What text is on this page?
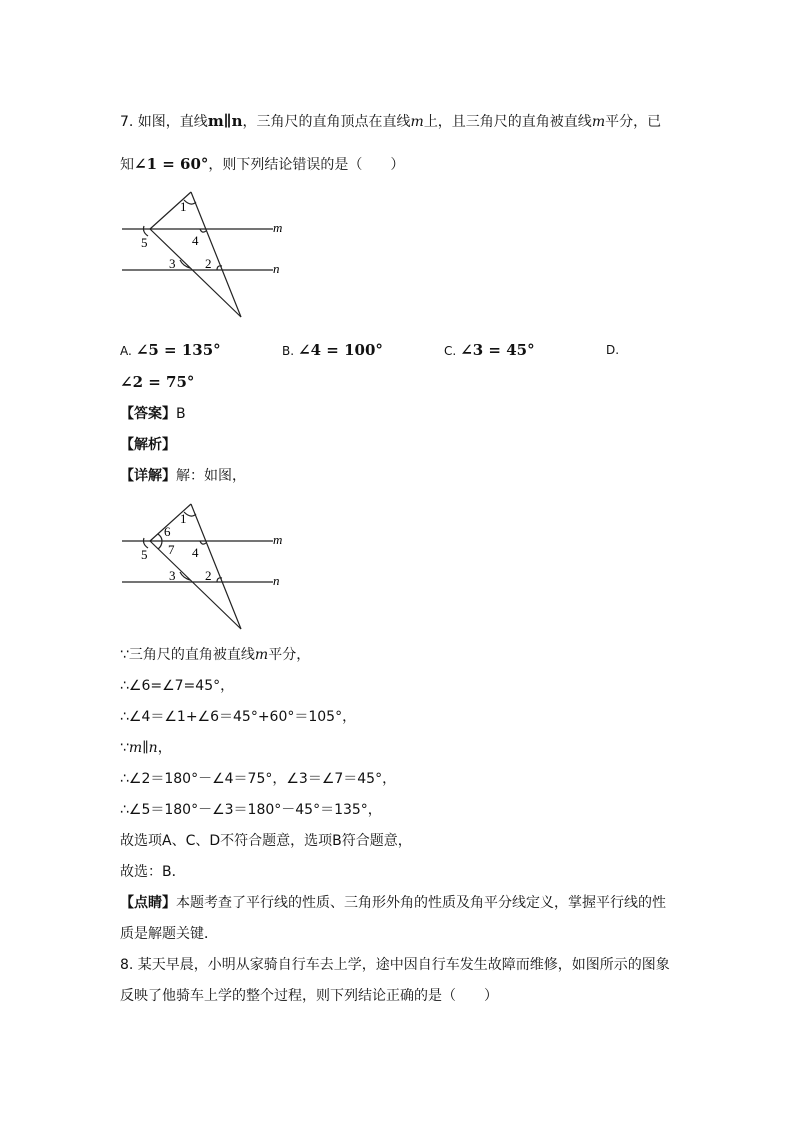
7. 如图，直线m∥n，三角尺的直角顶点在直线m上，且三角尺的直角被直线m平分，已
知∠1 = 60°，则下列结论错误的是（　　）
m
n
1
4
5
3 2
A. ∠5 = 135°	B. ∠4 = 100°	C. ∠3 = 45°	D.
∠2 = 75°
【答案】B
【解析】
【详解】解：如图，
m
n
1
6
5 7 4
3 2
∵三角尺的直角被直线m平分，
∴∠6=∠7=45°，
∴∠4＝∠1+∠6＝45°+60°＝105°，
∵m∥n，
∴∠2＝180°－∠4＝75°，∠3＝∠7＝45°，
∴∠5＝180°－∠3＝180°－45°＝135°，
故选项A、C、D不符合题意，选项B符合题意，
故选：B．
【点睛】本题考查了平行线的性质、三角形外角的性质及角平分线定义，掌握平行线的性
质是解题关键．
8. 某天早晨，小明从家骑自行车去上学，途中因自行车发生故障而维修，如图所示的图象
反映了他骑车上学的整个过程，则下列结论正确的是（　　）
